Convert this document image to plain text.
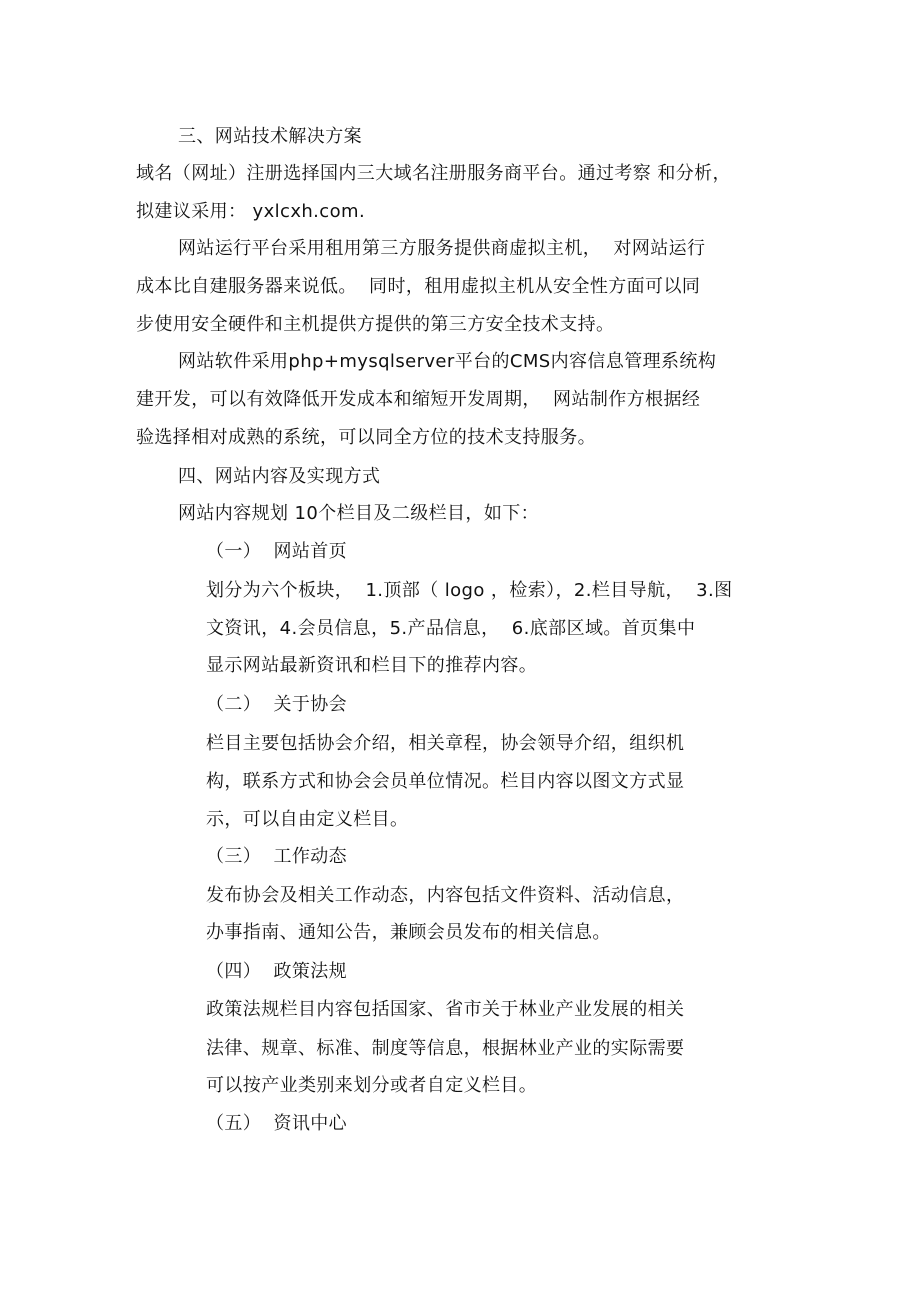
三、网站技术解决方案
域名（网址）注册选择国内三大域名注册服务商平台。通过考察 和分析，
拟建议采用： yxlcxh.com.
网站运行平台采用租用第三方服务提供商虚拟主机，  对网站运行
成本比自建服务器来说低。  同时，租用虚拟主机从安全性方面可以同
步使用安全硬件和主机提供方提供的第三方安全技术支持。
网站软件采用php+mysqlserver平台的CMS内容信息管理系统构
建开发，可以有效降低开发成本和缩短开发周期，  网站制作方根据经
验选择相对成熟的系统，可以同全方位的技术支持服务。
四、网站内容及实现方式
网站内容规划 10个栏目及二级栏目，如下：
（一）  网站首页
划分为六个板块，  1.顶部（ logo ，检索），2.栏目导航，  3.图
文资讯，4.会员信息，5.产品信息，  6.底部区域。首页集中
显示网站最新资讯和栏目下的推荐内容。
（二）  关于协会
栏目主要包括协会介绍，相关章程，协会领导介绍，组织机
构，联系方式和协会会员单位情况。栏目内容以图文方式显
示，可以自由定义栏目。
（三）  工作动态
发布协会及相关工作动态，内容包括文件资料、活动信息，
办事指南、通知公告，兼顾会员发布的相关信息。
（四）  政策法规
政策法规栏目内容包括国家、省市关于林业产业发展的相关
法律、规章、标准、制度等信息，根据林业产业的实际需要
可以按产业类别来划分或者自定义栏目。
（五）  资讯中心
